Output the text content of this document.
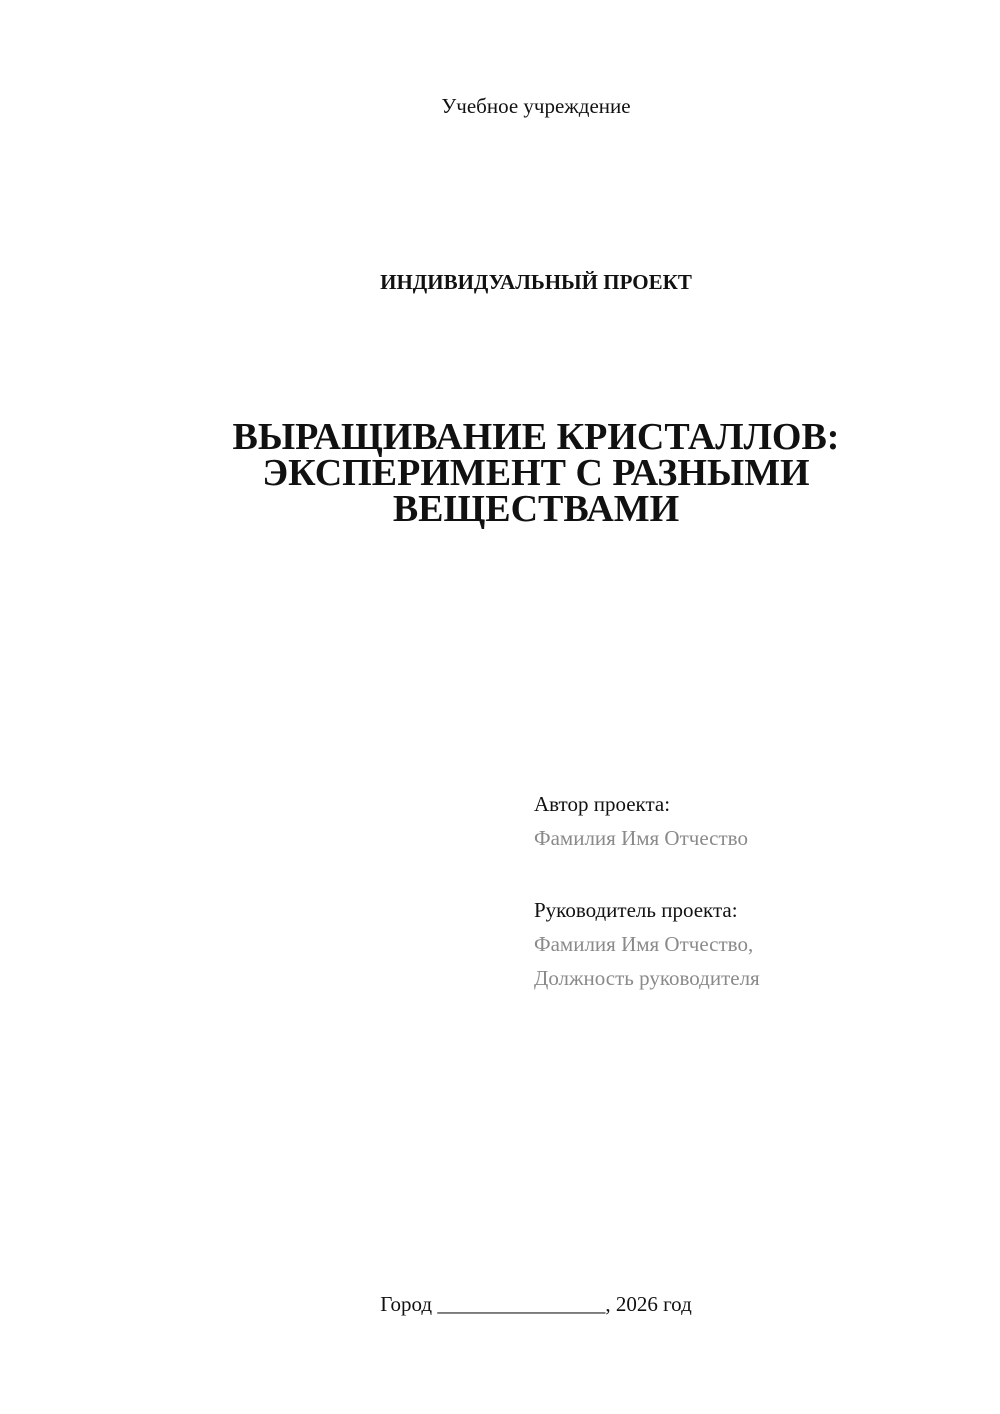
Учебное учреждение
ИНДИВИДУАЛЬНЫЙ ПРОЕКТ
ВЫРАЩИВАНИЕ КРИСТАЛЛОВ:
ЭКСПЕРИМЕНТ С РАЗНЫМИ
ВЕЩЕСТВАМИ
Автор проекта:
Фамилия Имя Отчество
Руководитель проекта:
Фамилия Имя Отчество,
Должность руководителя
Город ________________, 2026 год
